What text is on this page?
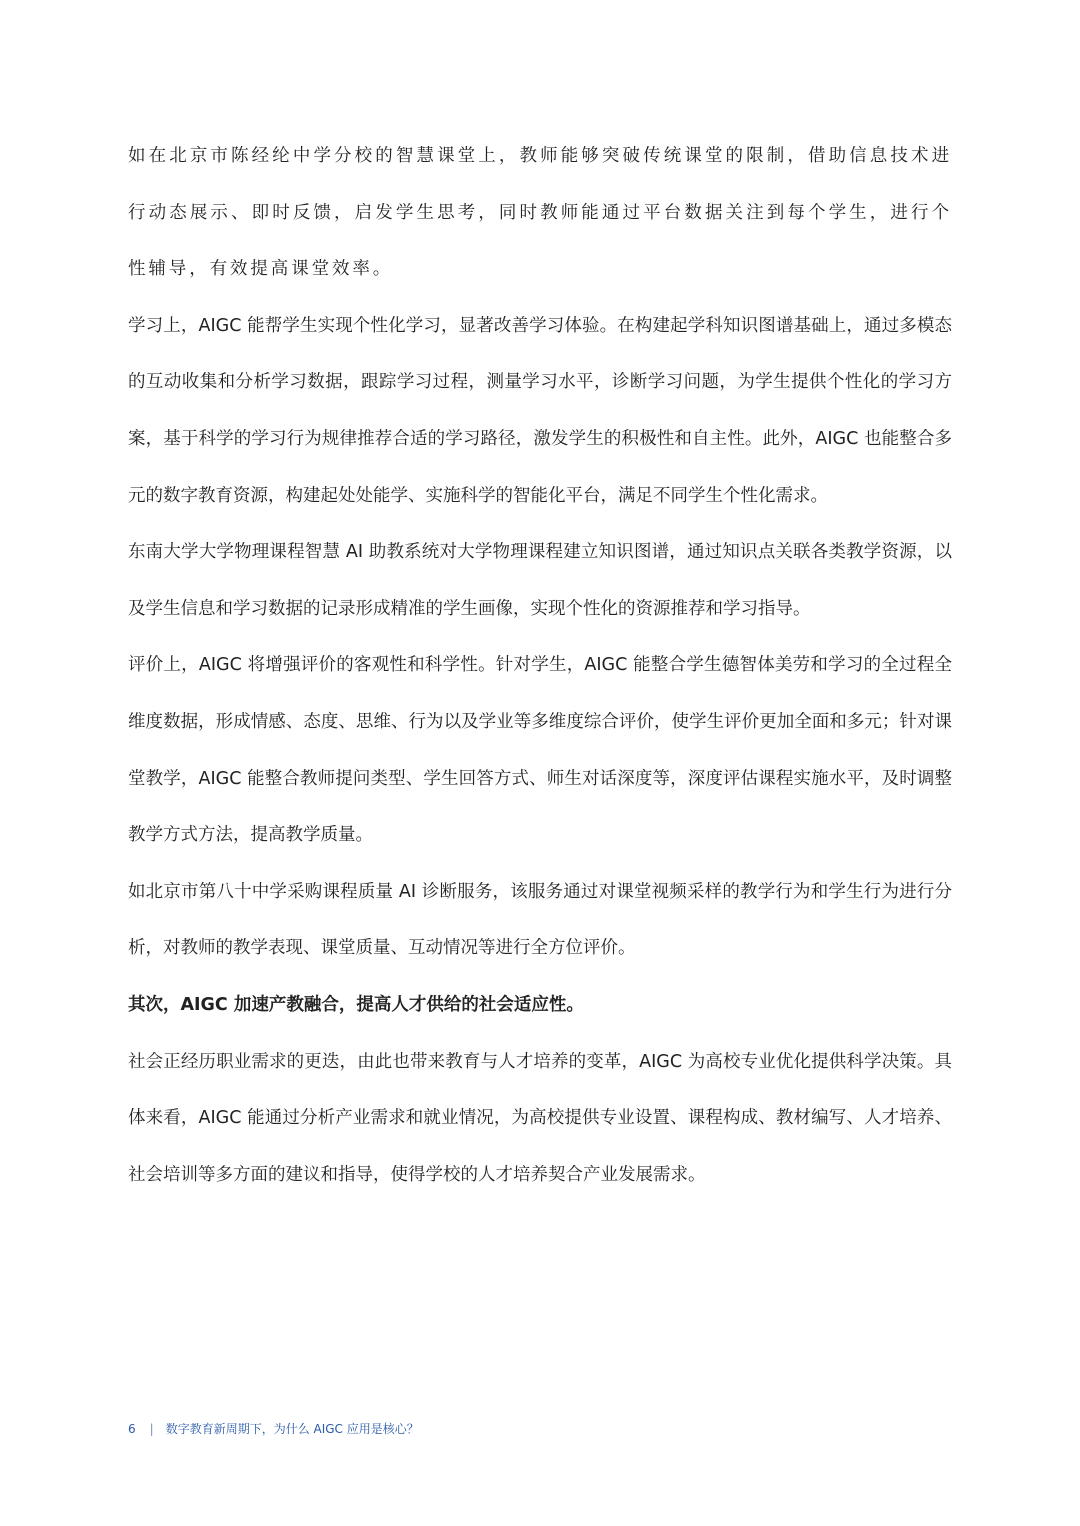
如在北京市陈经纶中学分校的智慧课堂上，教师能够突破传统课堂的限制，借助信息技术进行动态展示、即时反馈，启发学生思考，同时教师能通过平台数据关注到每个学生，进行个性辅导，有效提高课堂效率。

学习上，AIGC 能帮学生实现个性化学习，显著改善学习体验。在构建起学科知识图谱基础上，通过多模态的互动收集和分析学习数据，跟踪学习过程，测量学习水平，诊断学习问题，为学生提供个性化的学习方案，基于科学的学习行为规律推荐合适的学习路径，激发学生的积极性和自主性。此外，AIGC 也能整合多元的数字教育资源，构建起处处能学、实施科学的智能化平台，满足不同学生个性化需求。

东南大学大学物理课程智慧 AI 助教系统对大学物理课程建立知识图谱，通过知识点关联各类教学资源，以及学生信息和学习数据的记录形成精准的学生画像，实现个性化的资源推荐和学习指导。

评价上，AIGC 将增强评价的客观性和科学性。针对学生，AIGC 能整合学生德智体美劳和学习的全过程全维度数据，形成情感、态度、思维、行为以及学业等多维度综合评价，使学生评价更加全面和多元；针对课堂教学，AIGC 能整合教师提问类型、学生回答方式、师生对话深度等，深度评估课程实施水平，及时调整教学方式方法，提高教学质量。

如北京市第八十中学采购课程质量 AI 诊断服务，该服务通过对课堂视频采样的教学行为和学生行为进行分析，对教师的教学表现、课堂质量、互动情况等进行全方位评价。

其次，AIGC 加速产教融合，提高人才供给的社会适应性。

社会正经历职业需求的更迭，由此也带来教育与人才培养的变革，AIGC 为高校专业优化提供科学决策。具体来看，AIGC 能通过分析产业需求和就业情况，为高校提供专业设置、课程构成、教材编写、人才培养、社会培训等多方面的建议和指导，使得学校的人才培养契合产业发展需求。

6 | 数字教育新周期下，为什么 AIGC 应用是核心？
